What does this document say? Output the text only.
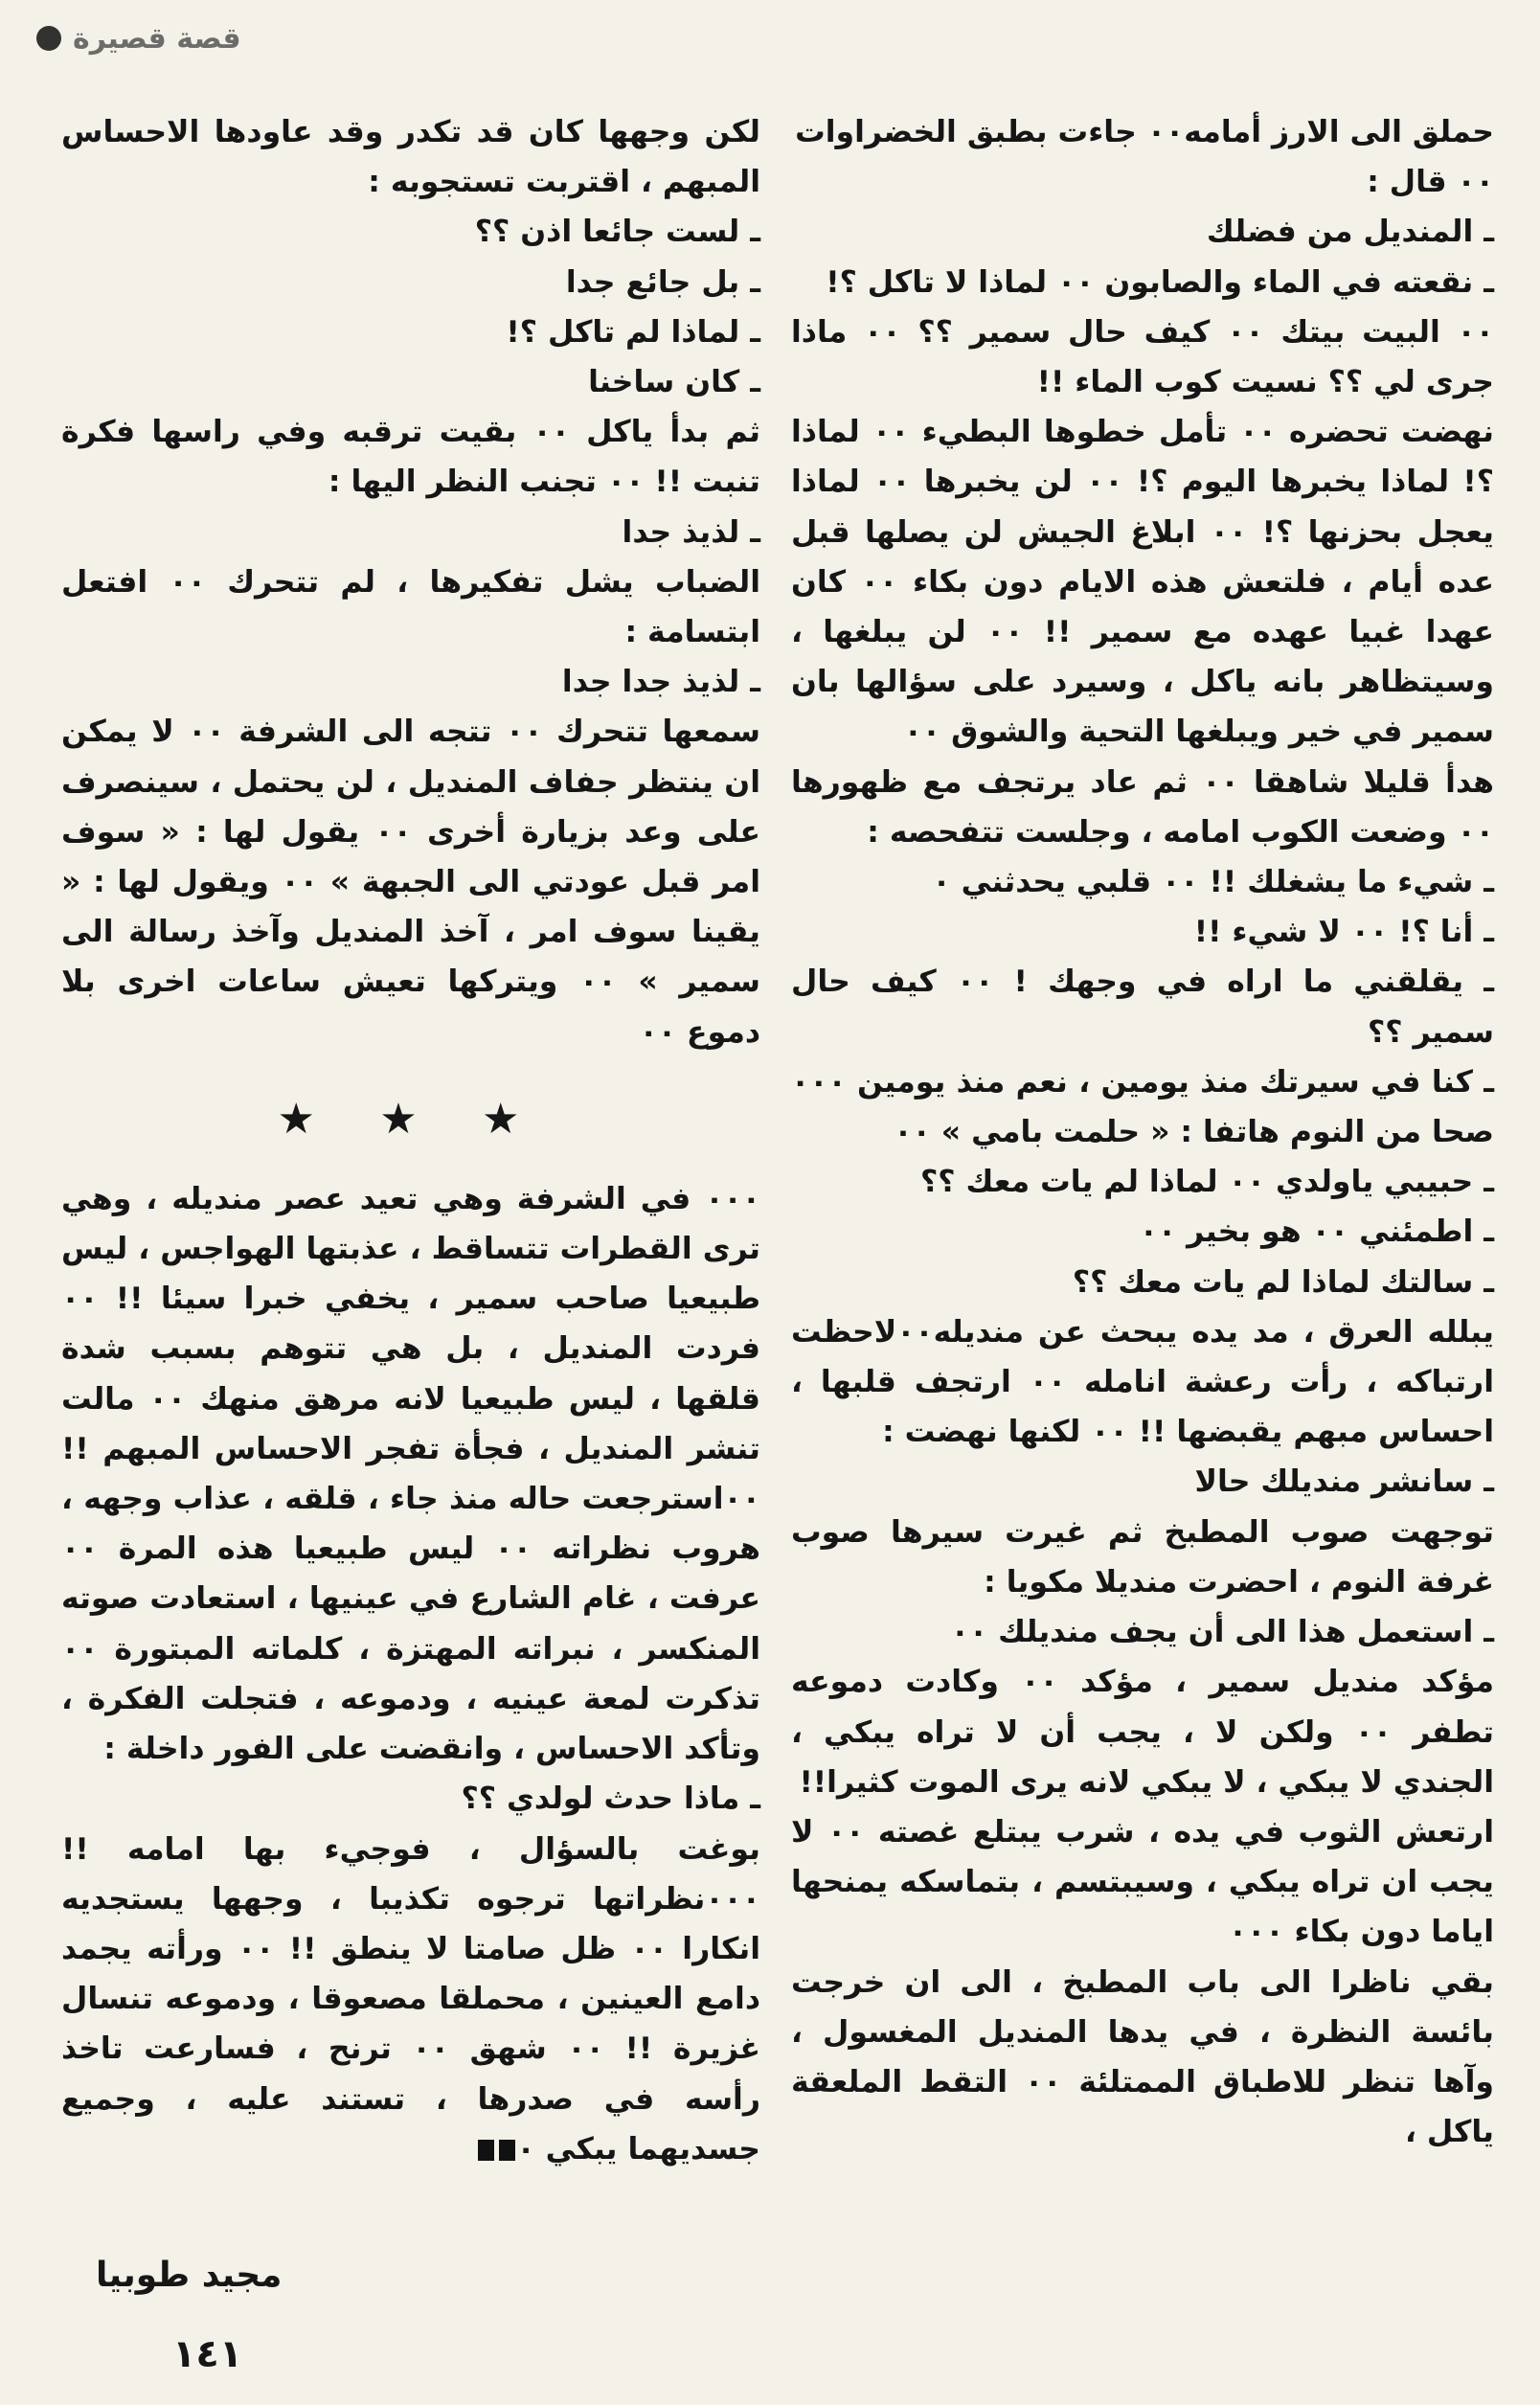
قصة قصيرة

حملق الى الارز أمامه٠٠ جاءت بطبق الخضراوات

٠٠ قال :

ـ المنديل من فضلك

ـ نقعته في الماء والصابون ٠٠ لماذا لا تاكل ؟!

٠٠ البيت بيتك ٠٠ كيف حال سمير ؟؟ ٠٠ ماذا جرى لي ؟؟ نسيت كوب الماء !!

نهضت تحضره ٠٠ تأمل خطوها البطيء ٠٠ لماذا ؟! لماذا يخبرها اليوم ؟! ٠٠ لن يخبرها ٠٠ لماذا يعجل بحزنها ؟! ٠٠ ابلاغ الجيش لن يصلها قبل عده أيام ، فلتعش هذه الايام دون بكاء ٠٠ كان عهدا غبيا عهده مع سمير !! ٠٠ لن يبلغها ، وسيتظاهر بانه ياكل ، وسيرد على سؤالها بان سمير في خير ويبلغها التحية والشوق ٠٠

هدأ قليلا شاهقا ٠٠ ثم عاد يرتجف مع ظهورها ٠٠ وضعت الكوب امامه ، وجلست تتفحصه :

ـ شيء ما يشغلك !! ٠٠ قلبي يحدثني ٠

ـ أنا ؟! ٠٠ لا شيء !!

ـ يقلقني ما اراه في وجهك ! ٠٠ كيف حال سمير ؟؟

ـ كنا في سيرتك منذ يومين ، نعم منذ يومين ٠٠٠ صحا من النوم هاتفا : « حلمت بامي » ٠٠

ـ حبيبي ياولدي ٠٠ لماذا لم يات معك ؟؟

ـ اطمئني ٠٠ هو بخير ٠٠

ـ سالتك لماذا لم يات معك ؟؟

يبلله العرق ، مد يده يبحث عن منديله٠٠لاحظت ارتباكه ، رأت رعشة انامله ٠٠ ارتجف قلبها ، احساس مبهم يقبضها !! ٠٠ لكنها نهضت :

ـ سانشر منديلك حالا

توجهت صوب المطبخ ثم غيرت سيرها صوب غرفة النوم ، احضرت منديلا مكويا :

ـ استعمل هذا الى أن يجف منديلك ٠٠

مؤكد منديل سمير ، مؤكد ٠٠ وكادت دموعه تطفر ٠٠ ولكن لا ، يجب أن لا تراه يبكي ، الجندي لا يبكي ، لا يبكي لانه يرى الموت كثيرا!!

ارتعش الثوب في يده ، شرب يبتلع غصته ٠٠ لا يجب ان تراه يبكي ، وسيبتسم ، بتماسكه يمنحها اياما دون بكاء ٠٠٠

بقي ناظرا الى باب المطبخ ، الى ان خرجت بائسة النظرة ، في يدها المنديل المغسول ، وآها تنظر للاطباق الممتلئة ٠٠ التقط الملعقة ياكل ،

لكن وجهها كان قد تكدر وقد عاودها الاحساس المبهم ، اقتربت تستجوبه :

ـ لست جائعا اذن ؟؟

ـ بل جائع جدا

ـ لماذا لم تاكل ؟!

ـ كان ساخنا

ثم بدأ ياكل ٠٠ بقيت ترقبه وفي راسها فكرة تنبت !! ٠٠ تجنب النظر اليها :

ـ لذيذ جدا

الضباب يشل تفكيرها ، لم تتحرك ٠٠ افتعل ابتسامة :

ـ لذيذ جدا جدا

سمعها تتحرك ٠٠ تتجه الى الشرفة ٠٠ لا يمكن ان ينتظر جفاف المنديل ، لن يحتمل ، سينصرف على وعد بزيارة أخرى ٠٠ يقول لها : « سوف امر قبل عودتي الى الجبهة » ٠٠ ويقول لها : « يقينا سوف امر ، آخذ المنديل وآخذ رسالة الى سمير » ٠٠ ويتركها تعيش ساعات اخرى بلا دموع ٠٠

★ ★ ★

٠٠٠ في الشرفة وهي تعيد عصر منديله ، وهي ترى القطرات تتساقط ، عذبتها الهواجس ، ليس طبيعيا صاحب سمير ، يخفي خبرا سيئا !! ٠٠ فردت المنديل ، بل هي تتوهم بسبب شدة قلقها ، ليس طبيعيا لانه مرهق منهك ٠٠ مالت تنشر المنديل ، فجأة تفجر الاحساس المبهم !! ٠٠استرجعت حاله منذ جاء ، قلقه ، عذاب وجهه ، هروب نظراته ٠٠ ليس طبيعيا هذه المرة ٠٠ عرفت ، غام الشارع في عينيها ، استعادت صوته المنكسر ، نبراته المهتزة ، كلماته المبتورة ٠٠ تذكرت لمعة عينيه ، ودموعه ، فتجلت الفكرة ، وتأكد الاحساس ، وانقضت على الفور داخلة :

ـ ماذا حدث لولدي ؟؟

بوغت بالسؤال ، فوجيء بها امامه !! ٠٠٠نظراتها ترجوه تكذيبا ، وجهها يستجديه انكارا ٠٠ ظل صامتا لا ينطق !! ٠٠ ورأته يجمد دامع العينين ، محملقا مصعوقا ، ودموعه تنسال غزيرة !! ٠٠ شهق ٠٠ ترنح ، فسارعت تاخذ رأسه في صدرها ، تستند عليه ، وجميع جسديهما يبكي ٠

مجيد طوبيا
١٤١
